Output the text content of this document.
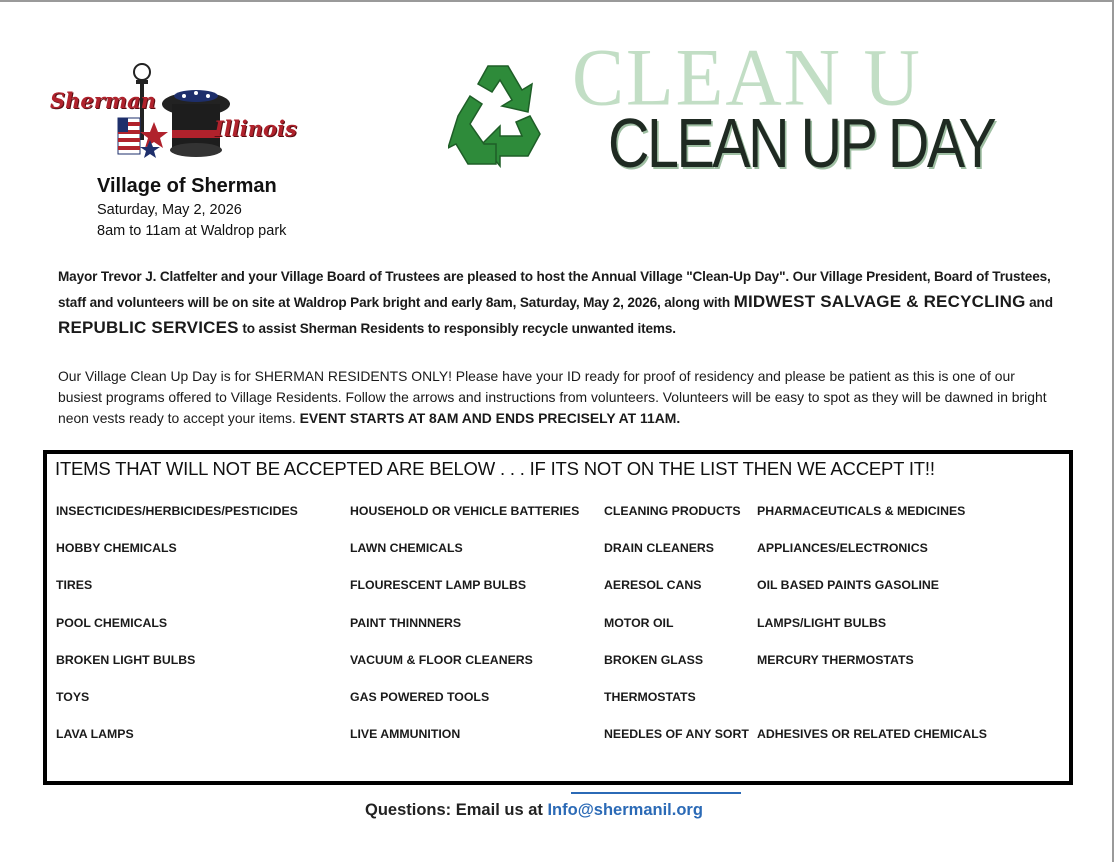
Sherman
Illinois
Village of Sherman
Saturday, May 2, 2026
8am to 11am at Waldrop park
CLEAN U
CLEAN UP DAY
Mayor Trevor J. Clatfelter and your Village Board of Trustees are pleased to host the Annual Village "Clean-Up Day". Our Village President, Board of Trustees, staff and volunteers will be on site at Waldrop Park bright and early 8am, Saturday, May 2, 2026, along with MIDWEST SALVAGE & RECYCLING and REPUBLIC SERVICES to assist Sherman Residents to responsibly recycle unwanted items.
Our Village Clean Up Day is for SHERMAN RESIDENTS ONLY! Please have your ID ready for proof of residency and please be patient as this is one of our busiest programs offered to Village Residents. Follow the arrows and instructions from volunteers. Volunteers will be easy to spot as they will be dawned in bright neon vests ready to accept your items. EVENT STARTS AT 8AM AND ENDS PRECISELY AT 11AM.
ITEMS THAT WILL NOT BE ACCEPTED ARE BELOW . . . IF ITS NOT ON THE LIST THEN WE ACCEPT IT!!
INSECTICIDES/HERBICIDES/PESTICIDES
HOBBY CHEMICALS
TIRES
POOL CHEMICALS
BROKEN LIGHT BULBS
TOYS
LAVA LAMPS
HOUSEHOLD OR VEHICLE BATTERIES
LAWN CHEMICALS
FLOURESCENT LAMP BULBS
PAINT THINNNERS
VACUUM & FLOOR CLEANERS
GAS POWERED TOOLS
LIVE AMMUNITION
CLEANING PRODUCTS
DRAIN CLEANERS
AERESOL CANS
MOTOR OIL
BROKEN GLASS
THERMOSTATS
NEEDLES OF ANY SORT
PHARMACEUTICALS & MEDICINES
APPLIANCES/ELECTRONICS
OIL BASED PAINTS GASOLINE
LAMPS/LIGHT BULBS
MERCURY THERMOSTATS
ADHESIVES OR RELATED CHEMICALS
Questions: Email us at Info@shermanil.org
